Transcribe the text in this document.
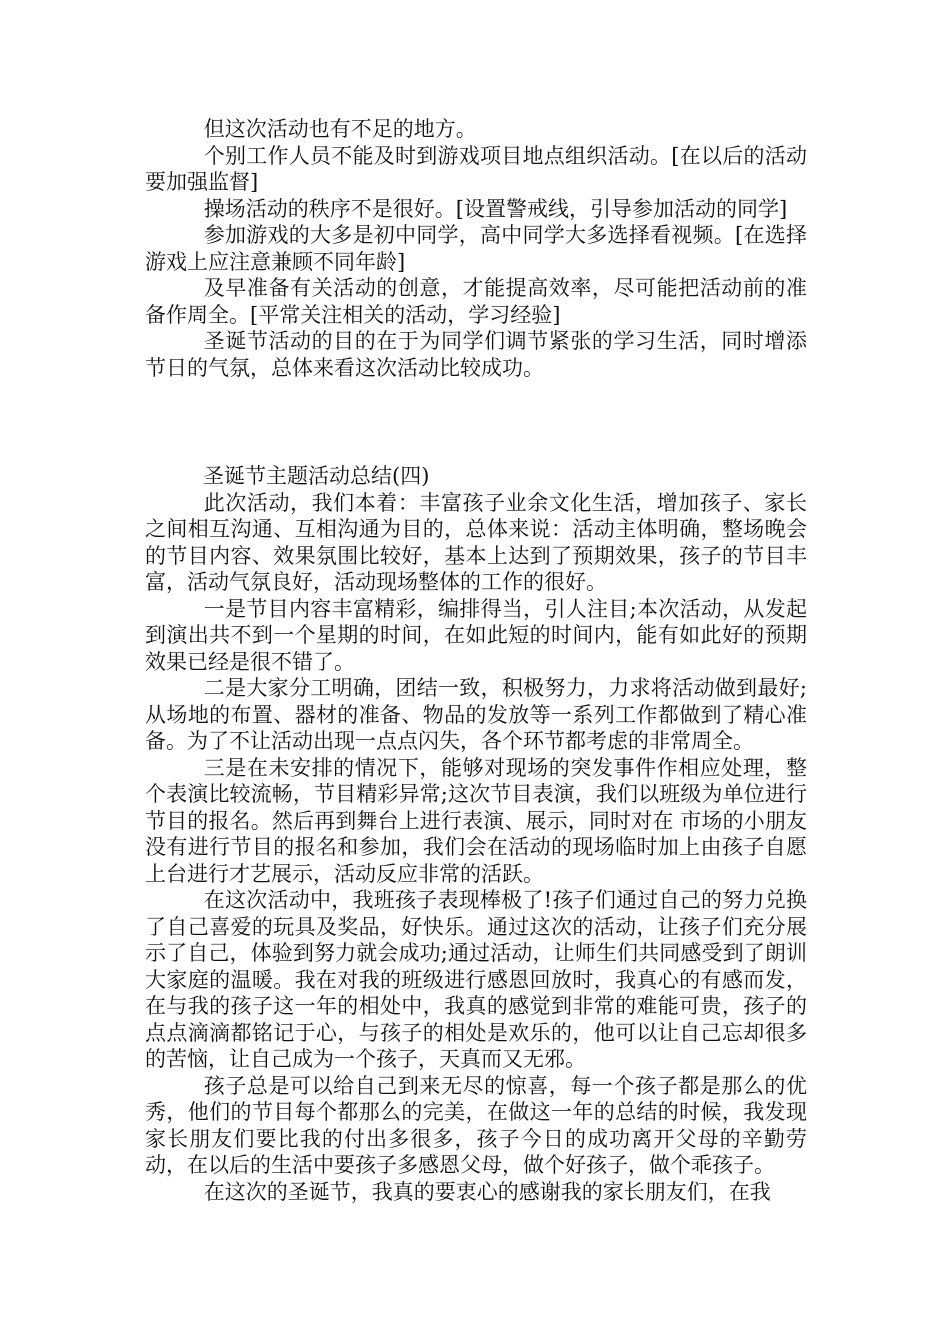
但这次活动也有不足的地方。

个别工作人员不能及时到游戏项目地点组织活动。[在以后的活动要加强监督]

操场活动的秩序不是很好。[设置警戒线，引导参加活动的同学]

参加游戏的大多是初中同学，高中同学大多选择看视频。[在选择游戏上应注意兼顾不同年龄]

及早准备有关活动的创意，才能提高效率，尽可能把活动前的准备作周全。[平常关注相关的活动，学习经验]

圣诞节活动的目的在于为同学们调节紧张的学习生活，同时增添节日的气氛，总体来看这次活动比较成功。

圣诞节主题活动总结(四)

此次活动，我们本着：丰富孩子业余文化生活，增加孩子、家长之间相互沟通、互相沟通为目的，总体来说：活动主体明确，整场晚会的节目内容、效果氛围比较好，基本上达到了预期效果，孩子的节目丰富，活动气氛良好，活动现场整体的工作的很好。

一是节目内容丰富精彩，编排得当，引人注目;本次活动，从发起到演出共不到一个星期的时间，在如此短的时间内，能有如此好的预期效果已经是很不错了。

二是大家分工明确，团结一致，积极努力，力求将活动做到最好;从场地的布置、器材的准备、物品的发放等一系列工作都做到了精心准备。为了不让活动出现一点点闪失，各个环节都考虑的非常周全。

三是在未安排的情况下，能够对现场的突发事件作相应处理，整个表演比较流畅，节目精彩异常;这次节目表演，我们以班级为单位进行节目的报名。然后再到舞台上进行表演、展示，同时对在 市场的小朋友没有进行节目的报名和参加，我们会在活动的现场临时加上由孩子自愿上台进行才艺展示，活动反应非常的活跃。

在这次活动中，我班孩子表现棒极了!孩子们通过自己的努力兑换了自己喜爱的玩具及奖品，好快乐。通过这次的活动，让孩子们充分展示了自己，体验到努力就会成功;通过活动，让师生们共同感受到了朗训大家庭的温暖。我在对我的班级进行感恩回放时，我真心的有感而发，在与我的孩子这一年的相处中，我真的感觉到非常的难能可贵，孩子的点点滴滴都铭记于心，与孩子的相处是欢乐的，他可以让自己忘却很多的苦恼，让自己成为一个孩子，天真而又无邪。

孩子总是可以给自己到来无尽的惊喜，每一个孩子都是那么的优秀，他们的节目每个都那么的完美，在做这一年的总结的时候，我发现家长朋友们要比我的付出多很多，孩子今日的成功离开父母的辛勤劳动，在以后的生活中要孩子多感恩父母，做个好孩子，做个乖孩子。

在这次的圣诞节，我真的要衷心的感谢我的家长朋友们，在我
